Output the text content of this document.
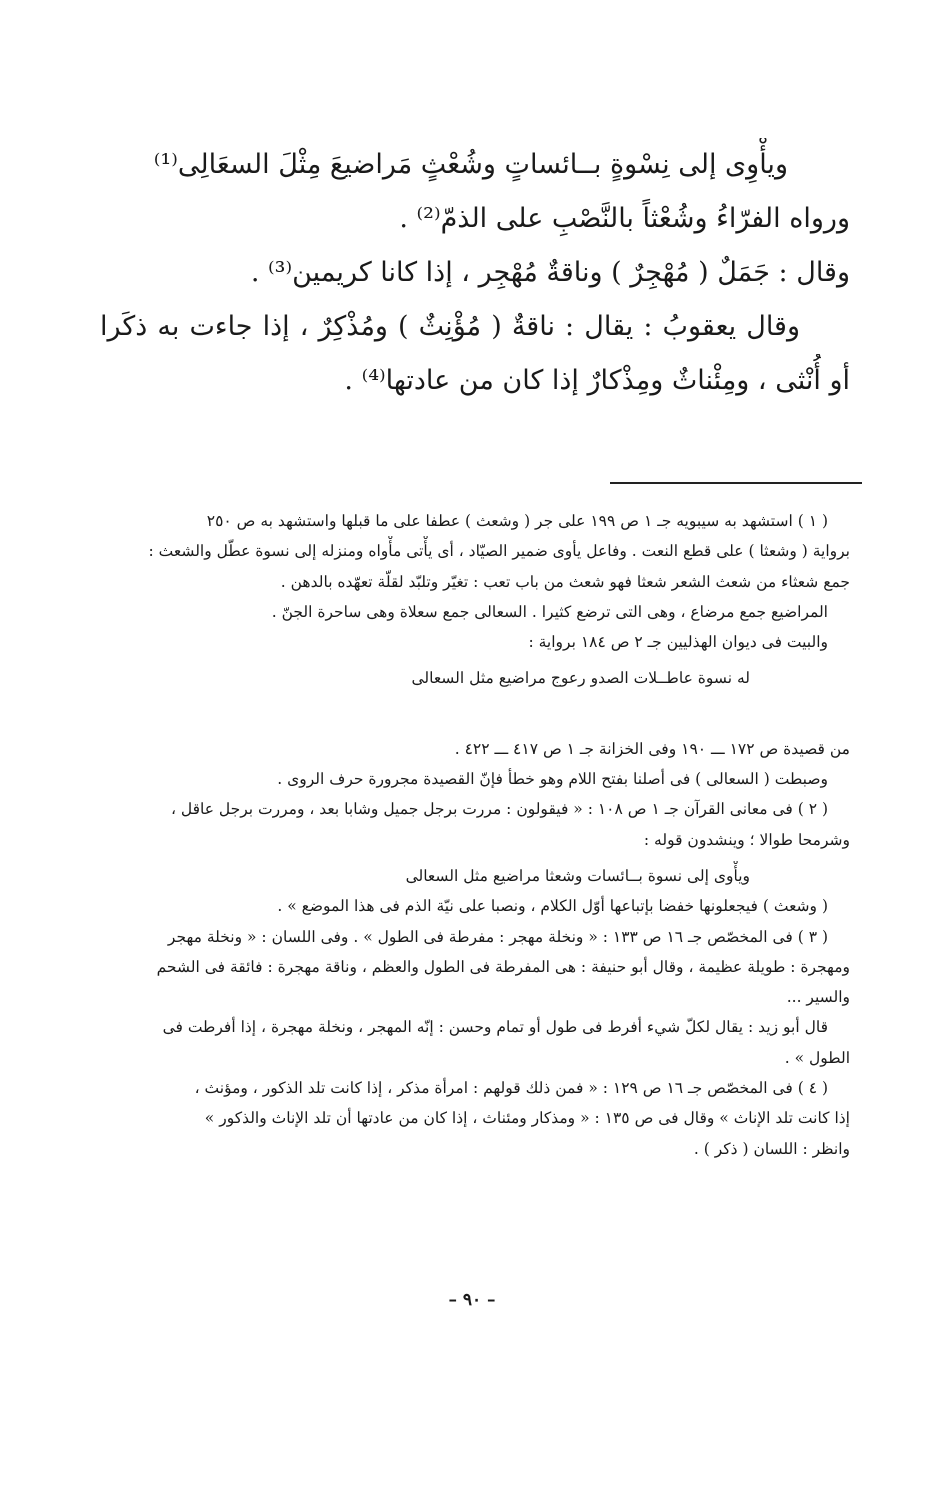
ويأْوِى إلى نِسْوةٍ بــائساتٍ وشُعْثٍ مَراضيعَ مِثْلَ السعَالِى⁽¹⁾
ورواه الفرّاءُ وشُعْثاً بالنَّصْبِ على الذمّ⁽²⁾ .
وقال : جَمَلٌ ( مُهْجِرٌ ) وناقةٌ مُهْجِر ، إذا كانا كريمين⁽³⁾ .
وقال يعقوبُ : يقال : ناقةٌ ( مُؤْنِثٌ ) ومُذْكِرٌ ، إذا جاءت به ذكَرا
أو أُنْثى ، ومِئْناثٌ ومِذْكارٌ إذا كان من عادتها⁽⁴⁾ .
( ١ ) استشهد به سيبويه جـ ١ ص ١٩٩ على جر ( وشعث ) عطفا على ما قبلها واستشهد به ص ٢٥٠
برواية ( وشعثا ) على قطع النعت . وفاعل يأوى ضمير الصيّاد ، أى يأْتى مأْواه ومنزله إلى نسوة عطّل والشعث :
جمع شعثاء من شعث الشعر شعثا فهو شعث من باب تعب : تغيّر وتلبّد لقلّة تعهّده بالدهن .
المراضيع جمع مرضاع ، وهى التى ترضع كثيرا . السعالى جمع سعلاة وهى ساحرة الجنّ .
والبيت فى ديوان الهذليين جـ ٢ ص ١٨٤ برواية :
له نسوة عاطــلات الصدو رعوج مراضيع مثل السعالى
من قصيدة ص ١٧٢ ـــ ١٩٠ وفى الخزانة جـ ١ ص ٤١٧ ـــ ٤٢٢ .
وصبطت ( السعالى ) فى أصلنا بفتح اللام وهو خطأ فإنّ القصيدة مجرورة حرف الروى .
( ٢ ) فى معانى القرآن جـ ١ ص ١٠٨ : « فيقولون : مررت برجل جميل وشابا بعد ، ومررت برجل عاقل ،
وشرمحا طوالا ؛ وينشدون قوله :
ويأْوى إلى نسوة بــائسات وشعثا مراضيع مثل السعالى
( وشعث ) فيجعلونها خفضا بإتباعها أوّل الكلام ، ونصبا على نيّة الذم فى هذا الموضع » .
( ٣ ) فى المخصّص جـ ١٦ ص ١٣٣ : « ونخلة مهجر : مفرطة فى الطول » . وفى اللسان : « ونخلة مهجر
ومهجرة : طويلة عظيمة ، وقال أبو حنيفة : هى المفرطة فى الطول والعظم ، وناقة مهجرة : فائقة فى الشحم
والسير ...
قال أبو زيد : يقال لكلّ شيء أفرط فى طول أو تمام وحسن : إنّه المهجر ، ونخلة مهجرة ، إذا أفرطت فى
الطول » .
( ٤ ) فى المخصّص جـ ١٦ ص ١٢٩ : « فمن ذلك قولهم : امرأة مذكر ، إذا كانت تلد الذكور ، ومؤنث ،
إذا كانت تلد الإناث » وقال فى ص ١٣٥ : « ومذكار ومئناث ، إذا كان من عادتها أن تلد الإناث والذكور »
وانظر : اللسان ( ذكر ) .
– ٩٠ –
